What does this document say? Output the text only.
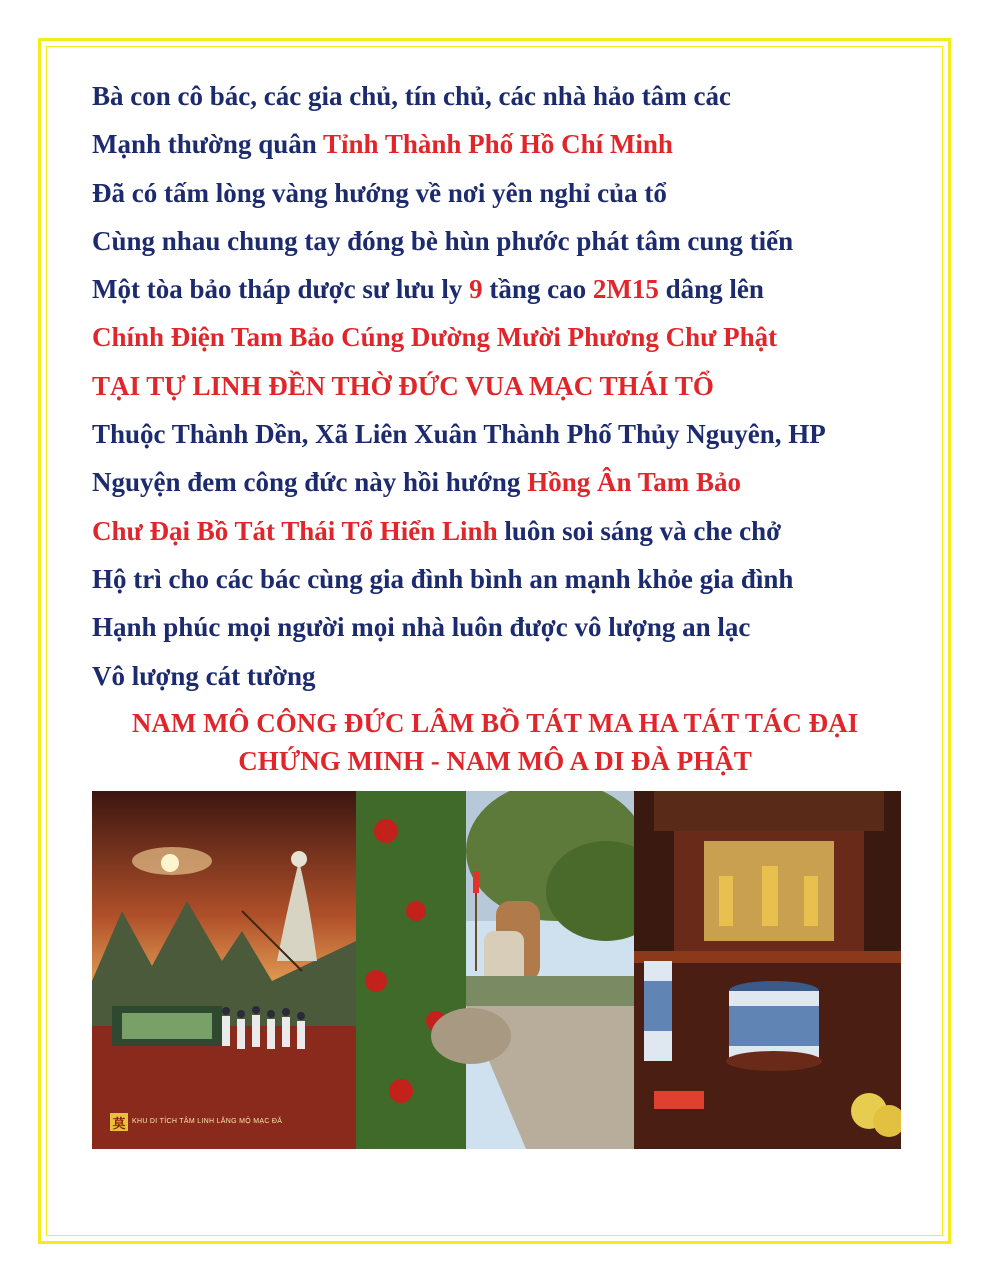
Bà con cô bác, các gia chủ, tín chủ, các nhà hảo tâm các
Mạnh thường quân Tỉnh Thành Phố Hồ Chí Minh
Đã có tấm lòng vàng hướng về nơi yên nghỉ của tổ
Cùng nhau chung tay đóng bè hùn phước phát tâm cung tiến
Một tòa bảo tháp dược sư lưu ly 9 tầng cao 2M15 dâng lên
Chính Điện Tam Bảo Cúng Dường Mười Phương Chư Phật
TẠI TỰ LINH ĐỀN THỜ ĐỨC VUA MẠC THÁI TỔ
Thuộc Thành Dền, Xã Liên Xuân Thành Phố Thủy Nguyên, HP
Nguyện đem công đức này hồi hướng Hồng Ân Tam Bảo
Chư Đại Bồ Tát Thái Tổ Hiển Linh luôn soi sáng và che chở
Hộ trì cho các bác cùng gia đình bình an mạnh khỏe gia đình
Hạnh phúc mọi người mọi nhà luôn được vô lượng an lạc
Vô lượng cát tường
NAM MÔ CÔNG ĐỨC LÂM BỒ TÁT MA HA TÁT TÁC ĐẠI
CHỨNG MINH - NAM MÔ A DI ĐÀ PHẬT
莫 KHU DI TÍCH TÂM LINH LĂNG MỘ MẠC ĐĂ
